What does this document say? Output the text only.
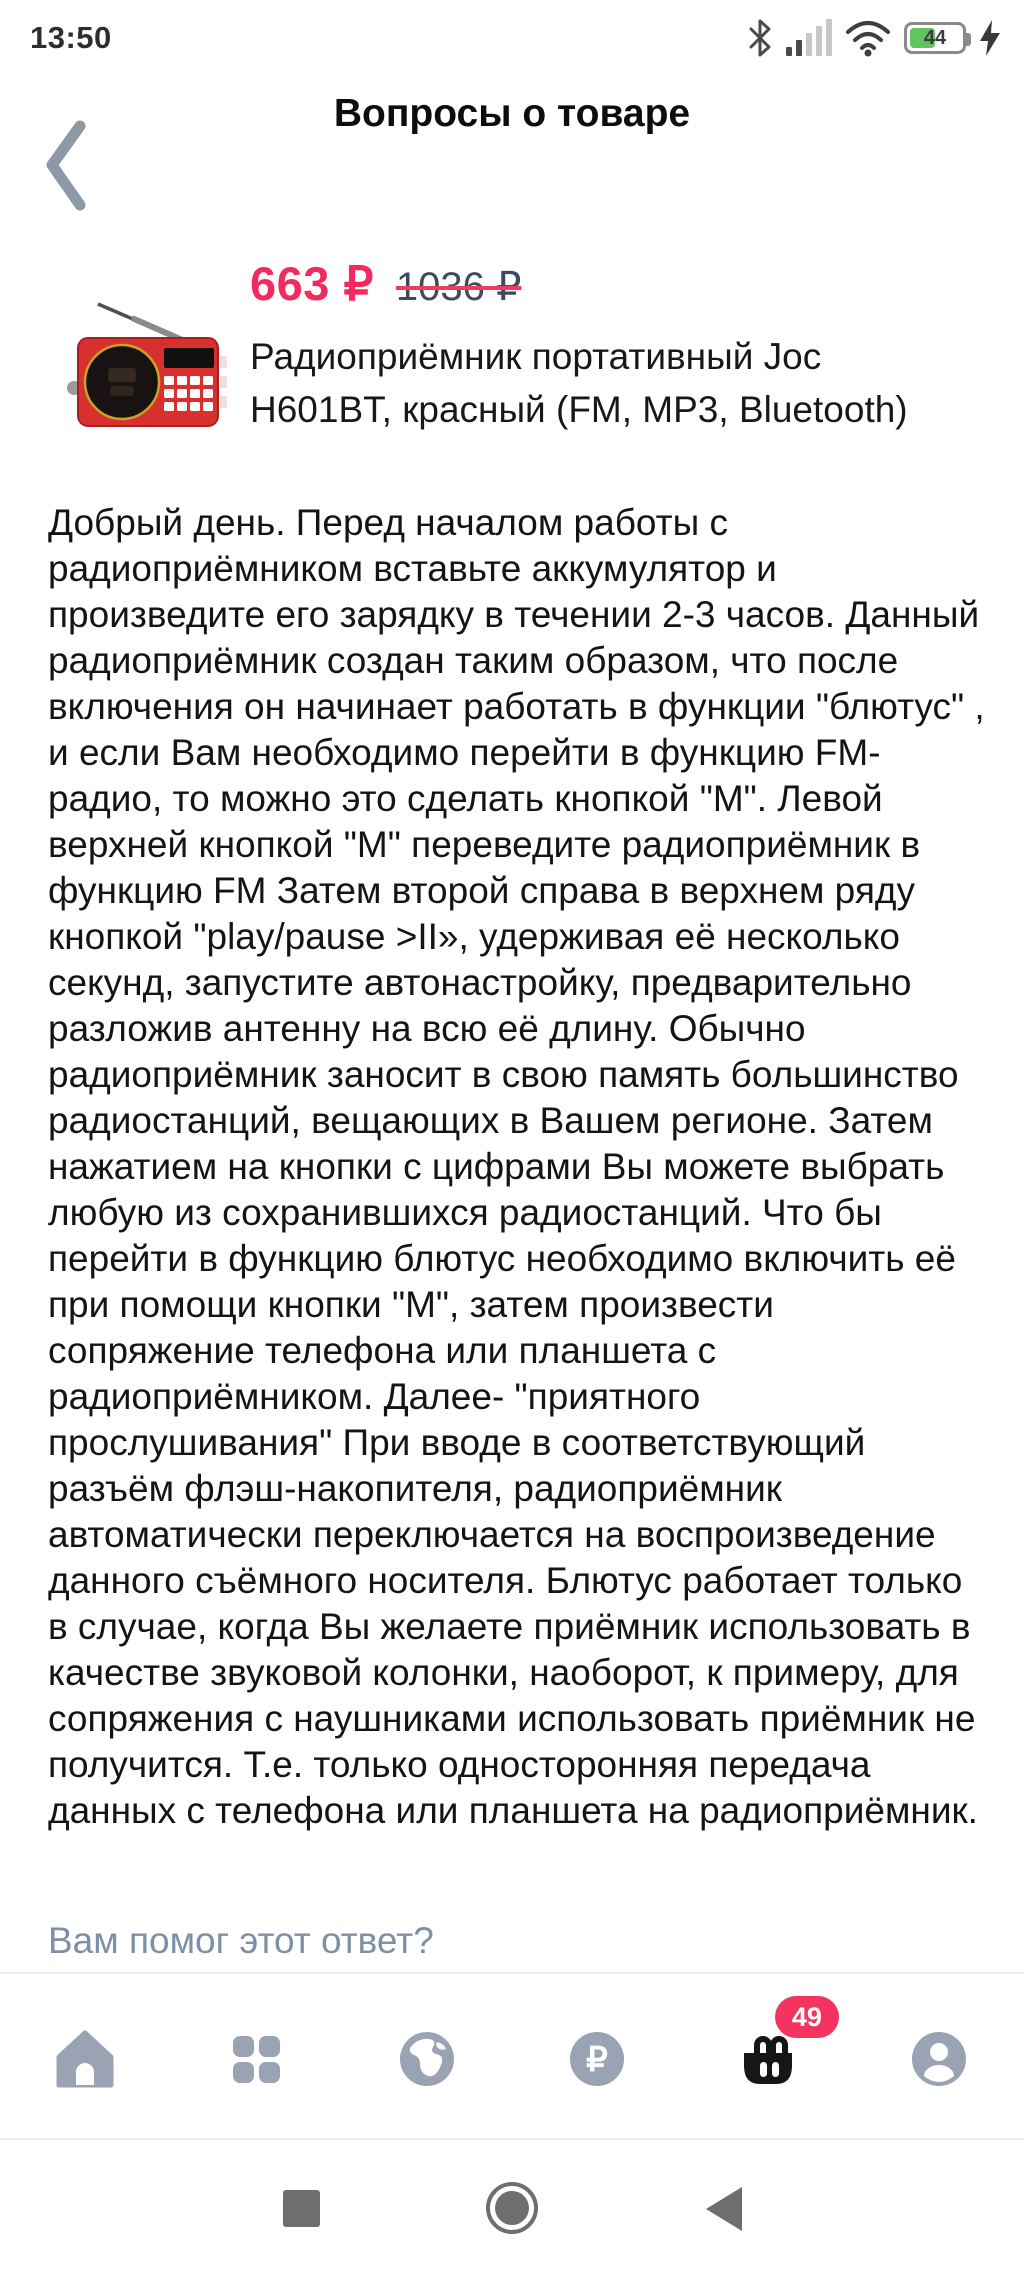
13:50	44
Вопросы о товаре
663 ₽ 1036 ₽
Радиоприёмник портативный Joc
H601BT, красный (FM, MP3, Bluetooth)
Добрый день. Перед началом работы с радиоприёмником вставьте аккумулятор и произведите его зарядку в течении 2-3 часов. Данный радиоприёмник создан таким образом, что после включения он начинает работать в функции "блютус" , и если Вам необходимо перейти в функцию FM-радио, то можно это сделать кнопкой "М". Левой верхней кнопкой "М" переведите радиоприёмник в функцию FM Затем второй справа в верхнем ряду кнопкой "play/pause >II», удерживая её несколько секунд, запустите автонастройку, предварительно разложив антенну на всю её длину. Обычно радиоприёмник заносит в свою память большинство радиостанций, вещающих в Вашем регионе. Затем нажатием на кнопки с цифрами Вы можете выбрать любую из сохранившихся радиостанций. Что бы перейти в функцию блютус необходимо включить её при помощи кнопки "М", затем произвести сопряжение телефона или планшета с радиоприёмником. Далее- "приятного прослушивания" При вводе в соответствующий разъём флэш-накопителя, радиоприёмник автоматически переключается на воспроизведение данного съёмного носителя. Блютус работает только в случае, когда Вы желаете приёмник использовать в качестве звуковой колонки, наоборот, к примеру, для сопряжения с наушниками использовать приёмник не получится. Т.е. только односторонняя передача данных с телефона или планшета на радиоприёмник.
Вам помог этот ответ?
₽
49
